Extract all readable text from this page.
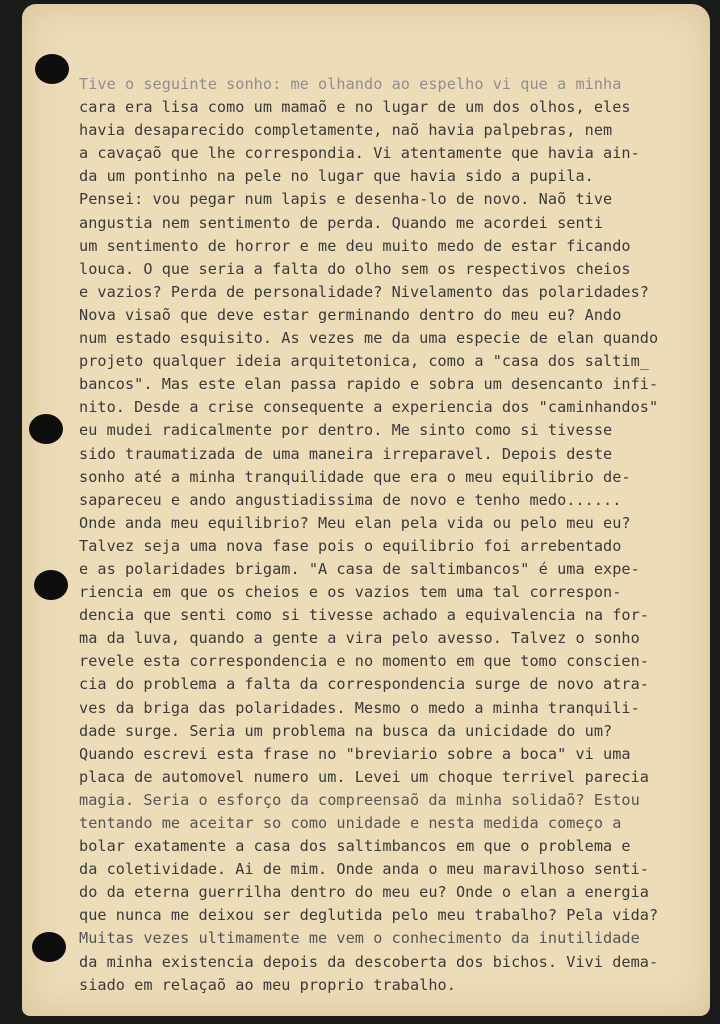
Tive o seguinte sonho: me olhando ao espelho vi que a minha
cara era lisa como um mamaõ e no lugar de um dos olhos, eles
havia desaparecido completamente, naõ havia palpebras, nem
a cavaçaõ que lhe correspondia. Vi atentamente que havia ain-
da um pontinho na pele no lugar que havia sido a pupila.
Pensei: vou pegar num lapis e desenha-lo de novo. Naõ tive
angustia nem sentimento de perda. Quando me acordei senti
um sentimento de horror e me deu muito medo de estar ficando
louca. O que seria a falta do olho sem os respectivos cheios
e vazios? Perda de personalidade? Nivelamento das polaridades?
Nova visaõ que deve estar germinando dentro do meu eu? Ando
num estado esquisito. As vezes me da uma especie de elan quando
projeto qualquer ideia arquitetonica, como a "casa dos saltim_
bancos". Mas este elan passa rapido e sobra um desencanto infi-
nito. Desde a crise consequente a experiencia dos "caminhandos"
eu mudei radicalmente por dentro. Me sinto como si tivesse
sido traumatizada de uma maneira irreparavel. Depois deste
sonho até a minha tranquilidade que era o meu equilibrio de-
sapareceu e ando angustiadissima de novo e tenho medo......
Onde anda meu equilibrio? Meu elan pela vida ou pelo meu eu?
Talvez seja uma nova fase pois o equilibrio foi arrebentado
e as polaridades brigam. "A casa de saltimbancos" é uma expe-
riencia em que os cheios e os vazios tem uma tal correspon-
dencia que senti como si tivesse achado a equivalencia na for-
ma da luva, quando a gente a vira pelo avesso. Talvez o sonho
revele esta correspondencia e no momento em que tomo conscien-
cia do problema a falta da correspondencia surge de novo atra-
ves da briga das polaridades. Mesmo o medo a minha tranquili-
dade surge. Seria um problema na busca da unicidade do um?
Quando escrevi esta frase no "breviario sobre a boca" vi uma
placa de automovel numero um. Levei um choque terrivel parecia
magia. Seria o esforço da compreensaõ da minha solidaõ? Estou
tentando me aceitar so como unidade e nesta medida começo a
bolar exatamente a casa dos saltimbancos em que o problema e
da coletividade. Ai de mim. Onde anda o meu maravilhoso senti-
do da eterna guerrilha dentro do meu eu? Onde o elan a energia
que nunca me deixou ser deglutida pelo meu trabalho? Pela vida?
Muitas vezes ultimamente me vem o conhecimento da inutilidade
da minha existencia depois da descoberta dos bichos. Vivi dema-
siado em relaçaõ ao meu proprio trabalho.
